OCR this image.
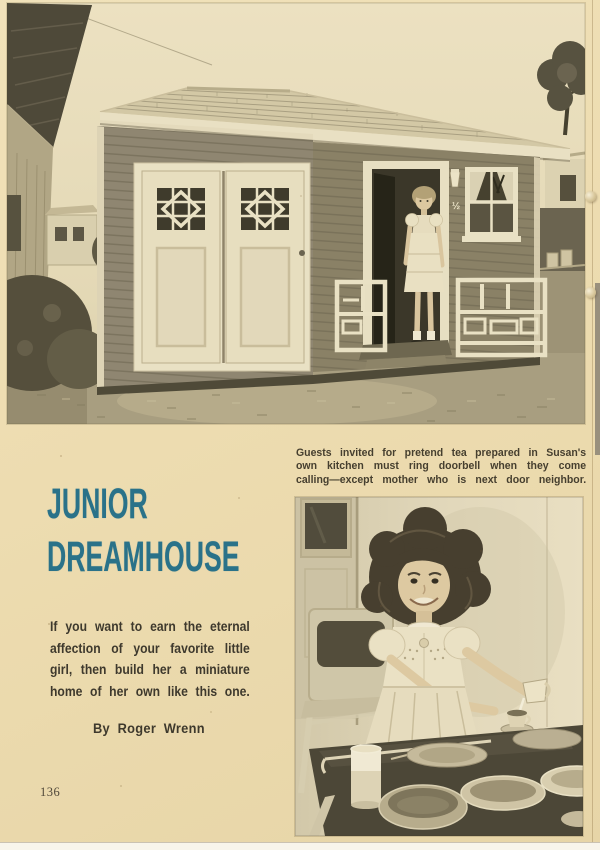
½
Guests invited for pretend tea prepared in Susan's
own kitchen must ring doorbell when they come
calling—except mother who is next door neighbor.
JUNIOR
DREAMHOUSE
If you want to earn the eternal
affection of your favorite little
girl, then build her a miniature
home of her own like this one.
By Roger Wrenn
136
